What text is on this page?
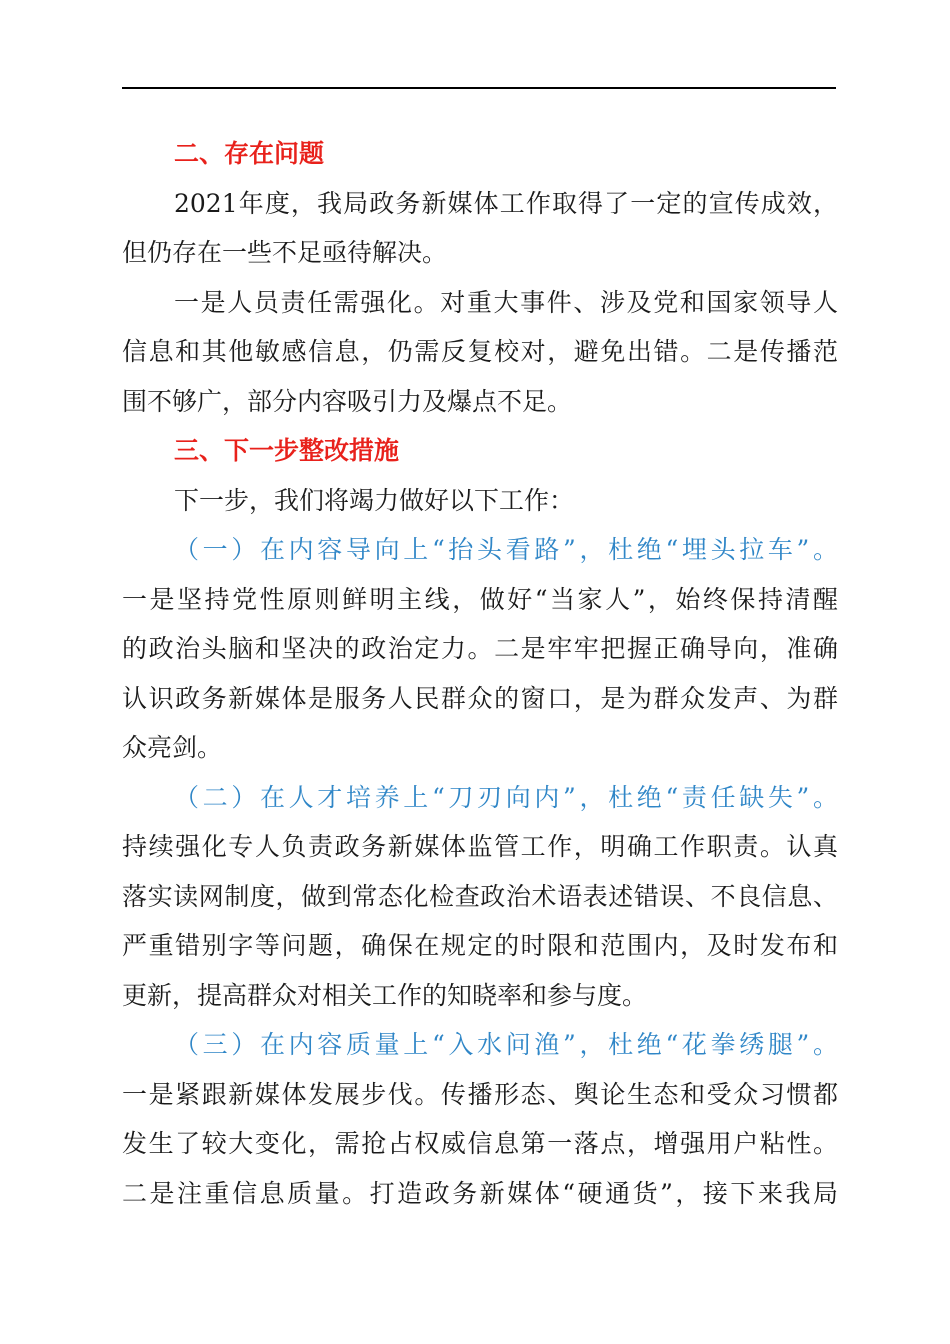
二、存在问题
2021年度，我局政务新媒体工作取得了一定的宣传成效，
但仍存在一些不足亟待解决。
一是人员责任需强化。对重大事件、涉及党和国家领导人
信息和其他敏感信息，仍需反复校对，避免出错。二是传播范
围不够广，部分内容吸引力及爆点不足。
三、下一步整改措施
下一步，我们将竭力做好以下工作：
（一）在内容导向上“抬头看路”，杜绝“埋头拉车”。
一是坚持党性原则鲜明主线，做好“当家人”，始终保持清醒
的政治头脑和坚决的政治定力。二是牢牢把握正确导向，准确
认识政务新媒体是服务人民群众的窗口，是为群众发声、为群
众亮剑。
（二）在人才培养上“刀刃向内”，杜绝“责任缺失”。
持续强化专人负责政务新媒体监管工作，明确工作职责。认真
落实读网制度，做到常态化检查政治术语表述错误、不良信息、
严重错别字等问题，确保在规定的时限和范围内，及时发布和
更新，提高群众对相关工作的知晓率和参与度。
（三）在内容质量上“入水问渔”，杜绝“花拳绣腿”。
一是紧跟新媒体发展步伐。传播形态、舆论生态和受众习惯都
发生了较大变化，需抢占权威信息第一落点，增强用户粘性。
二是注重信息质量。打造政务新媒体“硬通货”，接下来我局
